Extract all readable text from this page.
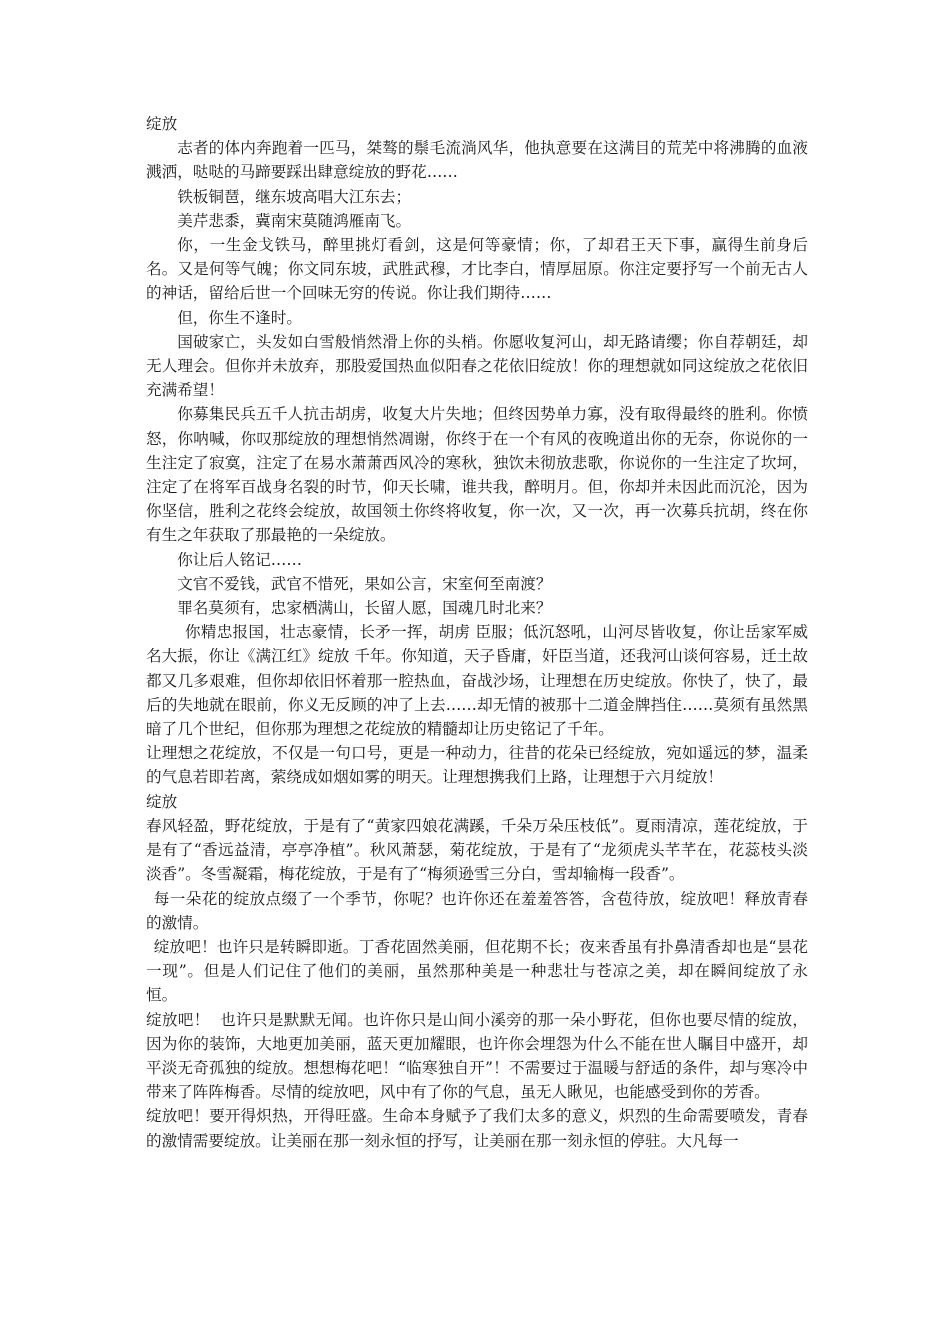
绽放

志者的体内奔跑着一匹马，桀骜的鬃毛流淌风华，他执意要在这满目的荒芜中将沸腾的血液溅洒，哒哒的马蹄要踩出肆意绽放的野花……

铁板铜琶，继东坡高唱大江东去；

美芹悲黍，冀南宋莫随鸿雁南飞。

你，一生金戈铁马，醉里挑灯看剑，这是何等豪情；你，了却君王天下事，赢得生前身后名。又是何等气魄；你文同东坡，武胜武穆，才比李白，情厚屈原。你注定要抒写一个前无古人的神话，留给后世一个回味无穷的传说。你让我们期待……

但，你生不逢时。

国破家亡，头发如白雪般悄然滑上你的头梢。你愿收复河山，却无路请缨；你自荐朝廷，却无人理会。但你并未放弃，那股爱国热血似阳春之花依旧绽放！你的理想就如同这绽放之花依旧充满希望！

你募集民兵五千人抗击胡虏，收复大片失地；但终因势单力寡，没有取得最终的胜利。你愤怒，你呐喊，你叹那绽放的理想悄然凋谢，你终于在一个有风的夜晚道出你的无奈，你说你的一生注定了寂寞，注定了在易水萧萧西风冷的寒秋，独饮未彻放悲歌，你说你的一生注定了坎坷，注定了在将军百战身名裂的时节，仰天长啸，谁共我，醉明月。但，你却并未因此而沉沦，因为你坚信，胜利之花终会绽放，故国领土你终将收复，你一次，又一次，再一次募兵抗胡，终在你有生之年获取了那最艳的一朵绽放。

你让后人铭记……

文官不爱钱，武官不惜死，果如公言，宋室何至南渡？

罪名莫须有，忠家栖满山，长留人愿，国魂几时北来？

你精忠报国，壮志豪情，长矛一挥，胡虏 臣服；低沉怒吼，山河尽皆收复，你让岳家军威名大振，你让《满江红》绽放 千年。你知道，天子昏庸，奸臣当道，还我河山谈何容易，迁土故都又几多艰难，但你却依旧怀着那一腔热血，奋战沙场，让理想在历史绽放。你快了，快了，最后的失地就在眼前，你义无反顾的冲了上去……却无情的被那十二道金牌挡住……莫须有虽然黑暗了几个世纪，但你那为理想之花绽放的精髓却让历史铭记了千年。

让理想之花绽放，不仅是一句口号，更是一种动力，往昔的花朵已经绽放，宛如遥远的梦，温柔的气息若即若离，萦绕成如烟如雾的明天。让理想携我们上路，让理想于六月绽放！

绽放

春风轻盈，野花绽放，于是有了“黄家四娘花满蹊，千朵万朵压枝低”。夏雨清凉，莲花绽放，于是有了“香远益清，亭亭净植”。秋风萧瑟，菊花绽放，于是有了“龙须虎头芊芊在，花蕊枝头淡淡香”。冬雪凝霜，梅花绽放，于是有了“梅须逊雪三分白，雪却输梅一段香”。

每一朵花的绽放点缀了一个季节，你呢？也许你还在羞羞答答，含苞待放，绽放吧！释放青春的激情。

绽放吧！也许只是转瞬即逝。丁香花固然美丽，但花期不长；夜来香虽有扑鼻清香却也是“昙花一现”。但是人们记住了他们的美丽，虽然那种美是一种悲壮与苍凉之美，却在瞬间绽放了永恒。

绽放吧！  也许只是默默无闻。也许你只是山间小溪旁的那一朵小野花，但你也要尽情的绽放，因为你的装饰，大地更加美丽，蓝天更加耀眼，也许你会埋怨为什么不能在世人瞩目中盛开，却平淡无奇孤独的绽放。想想梅花吧！“临寒独自开”！不需要过于温暖与舒适的条件，却与寒冷中带来了阵阵梅香。尽情的绽放吧，风中有了你的气息，虽无人瞅见，也能感受到你的芳香。

绽放吧！要开得炽热，开得旺盛。生命本身赋予了我们太多的意义，炽烈的生命需要喷发，青春的激情需要绽放。让美丽在那一刻永恒的抒写，让美丽在那一刻永恒的停驻。大凡每一
